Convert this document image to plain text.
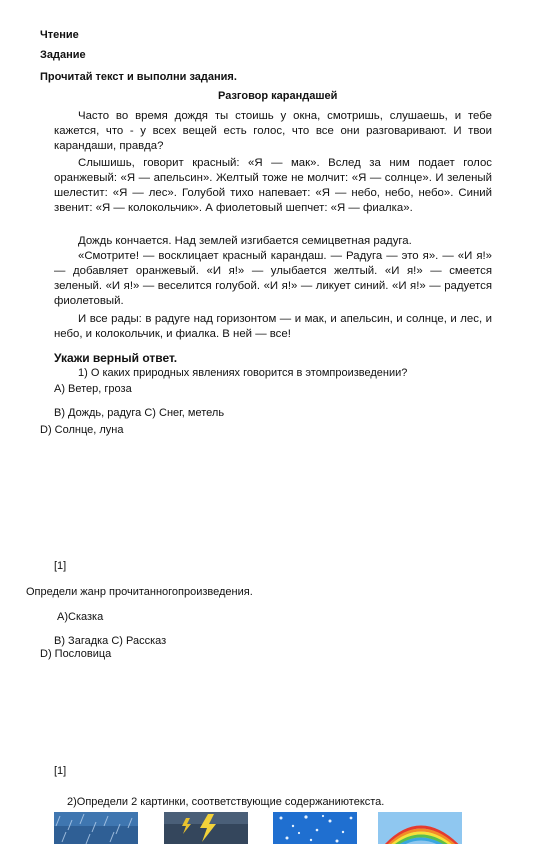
Чтение
Задание
Прочитай текст и выполни задания.
Разговор карандашей

Часто во время дождя ты стоишь у окна, смотришь, слушаешь, и тебе кажется, что - у всех вещей есть голос, что все они разговаривают. И твои карандаши, правда?

Слышишь, говорит красный: «Я — мак». Вслед за ним подает голос оранжевый: «Я — апельсин». Желтый тоже не молчит: «Я — солнце». И зеленый шелестит: «Я — лес». Голубой тихо напевает: «Я — небо, небо, небо». Синий звенит: «Я — колокольчик». А фиолетовый шепчет: «Я — фиалка».

Дождь кончается. Над землей изгибается семицветная радуга.

«Смотрите! — восклицает красный карандаш. — Радуга — это я». — «И я!» — добавляет оранжевый. «И я!» — улыбается желтый. «И я!» — смеется зеленый. «И я!» — веселится голубой. «И я!» — ликует синий. «И я!» — радуется фиолетовый.

И все рады: в радуге над горизонтом — и мак, и апельсин, и солнце, и лес, и небо, и колокольчик, и фиалка. В ней — все!

Укажи верный ответ.
1) О каких природных явлениях говорится в этомпроизведении?
A) Ветер, гроза
B) Дождь, радуга C) Снег, метель
D) Солнце, луна
[1]
Определи жанр прочитанногопроизведения.
A)Сказка
B) Загадка C) Рассказ
D) Пословица
[1]
2)Определи 2 картинки, соответствующие содержаниютекста.
